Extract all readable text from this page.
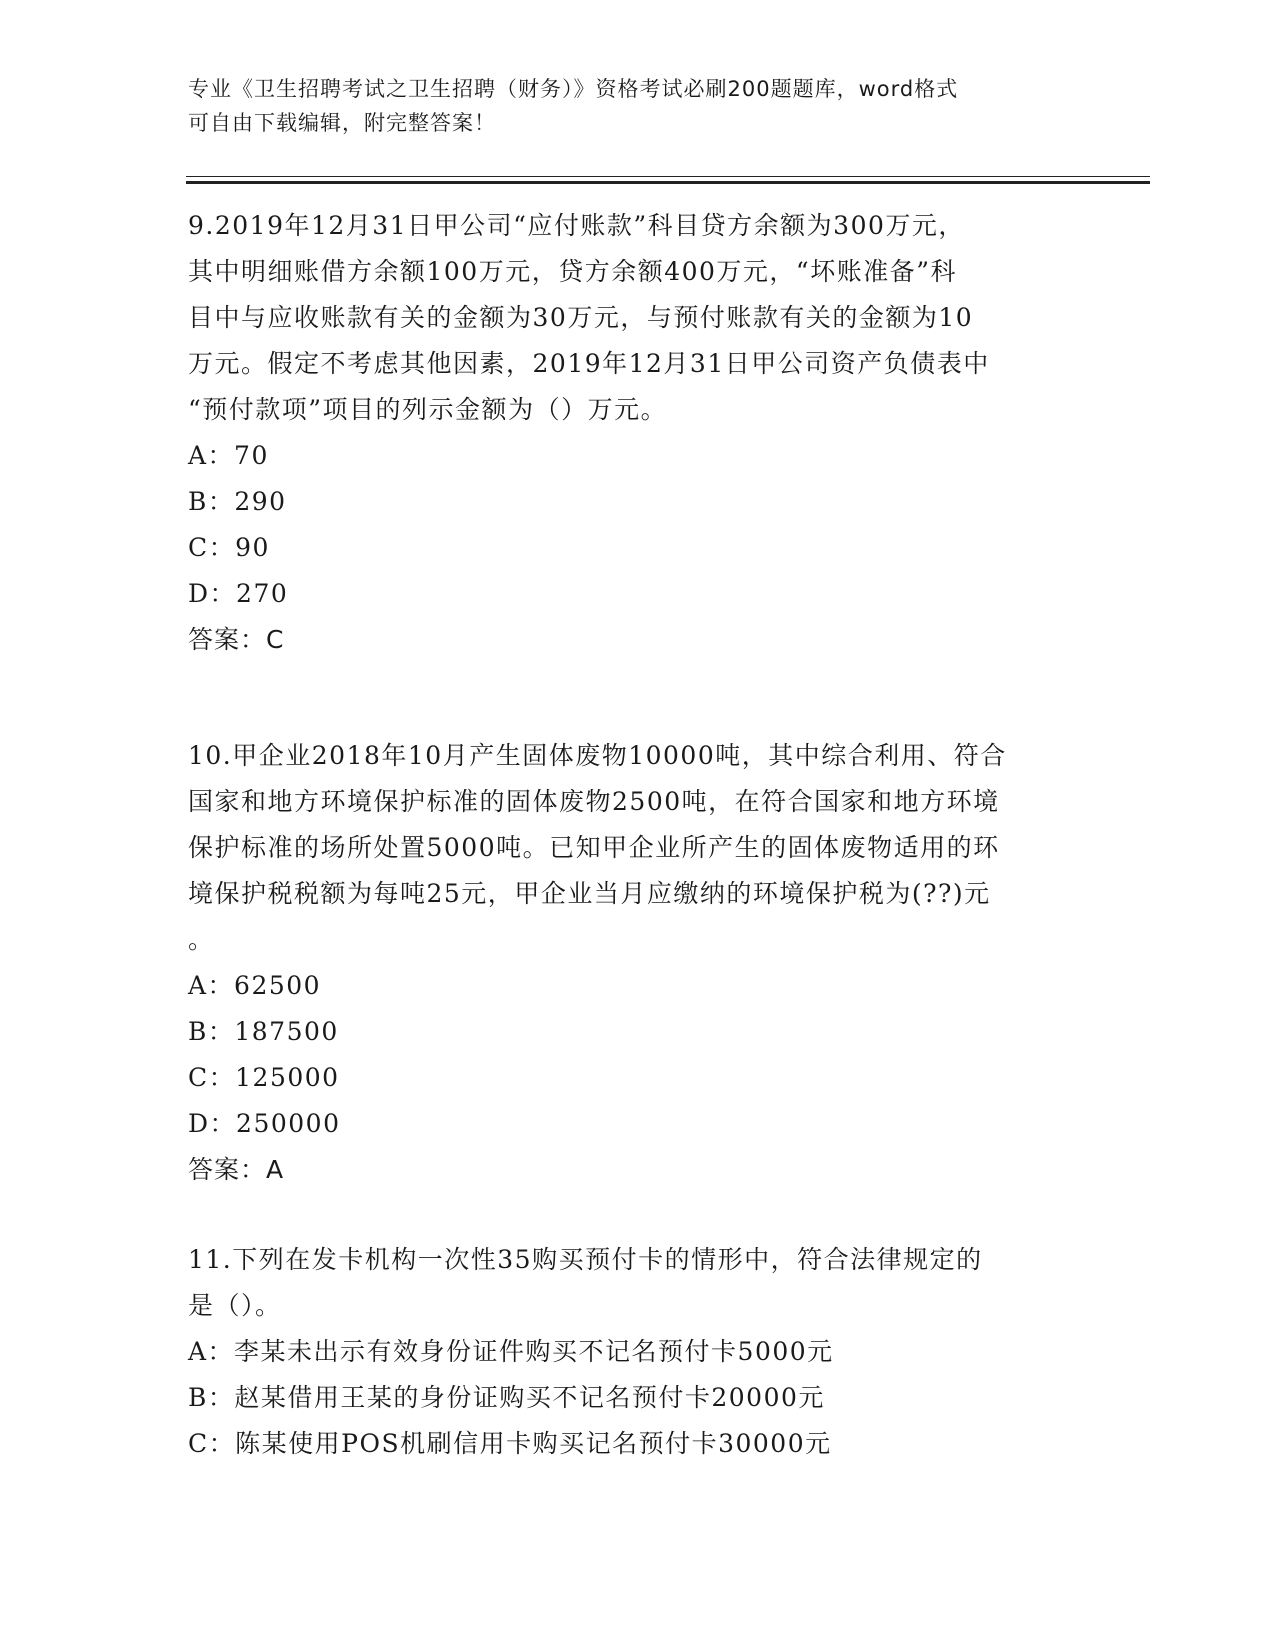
专业《卫生招聘考试之卫生招聘（财务）》资格考试必刷200题题库，word格式
可自由下载编辑，附完整答案！
9.2019年12月31日甲公司“应付账款”科目贷方余额为300万元，
其中明细账借方余额100万元，贷方余额400万元，“坏账准备”科
目中与应收账款有关的金额为30万元，与预付账款有关的金额为10
万元。假定不考虑其他因素，2019年12月31日甲公司资产负债表中
“预付款项”项目的列示金额为（）万元。
A：70
B：290
C：90
D：270
答案：C
10.甲企业2018年10月产生固体废物10000吨，其中综合利用、符合
国家和地方环境保护标准的固体废物2500吨，在符合国家和地方环境
保护标准的场所处置5000吨。已知甲企业所产生的固体废物适用的环
境保护税税额为每吨25元，甲企业当月应缴纳的环境保护税为(??)元
。
A：62500
B：187500
C：125000
D：250000
答案：A
11.下列在发卡机构一次性35购买预付卡的情形中，符合法律规定的
是（）。
A：李某未出示有效身份证件购买不记名预付卡5000元
B：赵某借用王某的身份证购买不记名预付卡20000元
C：陈某使用POS机刷信用卡购买记名预付卡30000元
